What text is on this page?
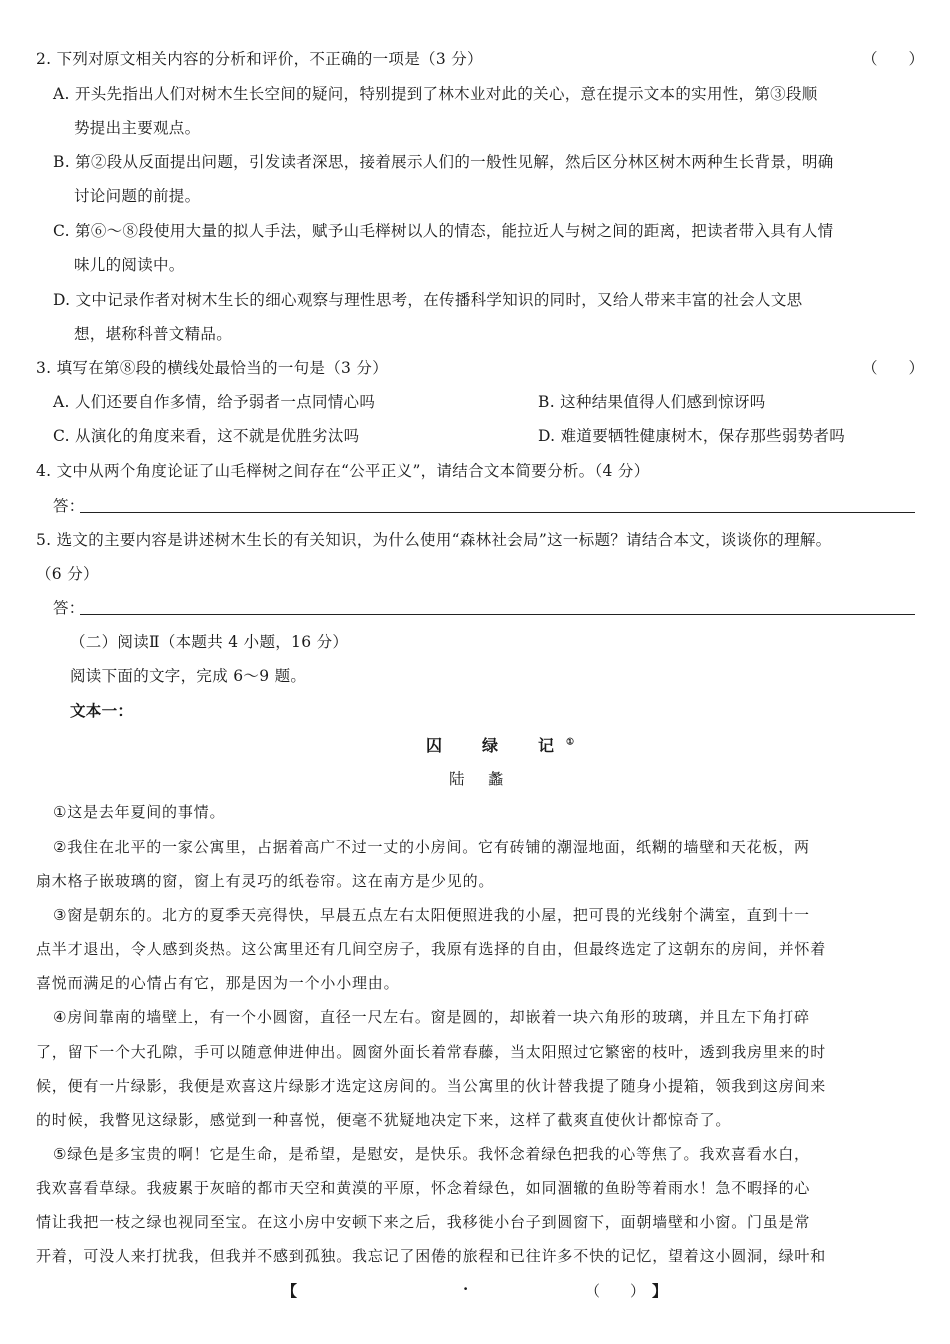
2. 下列对原文相关内容的分析和评价，不正确的一项是（3 分）	（　　）
A. 开头先指出人们对树木生长空间的疑问，特别提到了林木业对此的关心，意在提示文本的实用性，第③段顺
势提出主要观点。
B. 第②段从反面提出问题，引发读者深思，接着展示人们的一般性见解，然后区分林区树木两种生长背景，明确
讨论问题的前提。
C. 第⑥～⑧段使用大量的拟人手法，赋予山毛榉树以人的情态，能拉近人与树之间的距离，把读者带入具有人情
味儿的阅读中。
D. 文中记录作者对树木生长的细心观察与理性思考，在传播科学知识的同时，又给人带来丰富的社会人文思
想，堪称科普文精品。
3. 填写在第⑧段的横线处最恰当的一句是（3 分）	（　　）
A. 人们还要自作多情，给予弱者一点同情心吗	B. 这种结果值得人们感到惊讶吗
C. 从演化的角度来看，这不就是优胜劣汰吗	D. 难道要牺牲健康树木，保存那些弱势者吗
4. 文中从两个角度论证了山毛榉树之间存在“公平正义”，请结合文本简要分析。（4 分）
答：
5. 选文的主要内容是讲述树木生长的有关知识，为什么使用“森林社会局”这一标题？请结合本文，谈谈你的理解。
（6 分）
答：
（二）阅读Ⅱ（本题共 4 小题，16 分）
阅读下面的文字，完成 6～9 题。
文本一：
囚　绿　记①
陆　蠡
①这是去年夏间的事情。
②我住在北平的一家公寓里，占据着高广不过一丈的小房间。它有砖铺的潮湿地面，纸糊的墙壁和天花板，两
扇木格子嵌玻璃的窗，窗上有灵巧的纸卷帘。这在南方是少见的。
③窗是朝东的。北方的夏季天亮得快，早晨五点左右太阳便照进我的小屋，把可畏的光线射个满室，直到十一
点半才退出，令人感到炎热。这公寓里还有几间空房子，我原有选择的自由，但最终选定了这朝东的房间，并怀着
喜悦而满足的心情占有它，那是因为一个小小理由。
④房间靠南的墙壁上，有一个小圆窗，直径一尺左右。窗是圆的，却嵌着一块六角形的玻璃，并且左下角打碎
了，留下一个大孔隙，手可以随意伸进伸出。圆窗外面长着常春藤，当太阳照过它繁密的枝叶，透到我房里来的时
候，便有一片绿影，我便是欢喜这片绿影才选定这房间的。当公寓里的伙计替我提了随身小提箱，领我到这房间来
的时候，我瞥见这绿影，感觉到一种喜悦，便毫不犹疑地决定下来，这样了截爽直使伙计都惊奇了。
⑤绿色是多宝贵的啊！它是生命，是希望，是慰安，是快乐。我怀念着绿色把我的心等焦了。我欢喜看水白，
我欢喜看草绿。我疲累于灰暗的都市天空和黄漠的平原，怀念着绿色，如同涸辙的鱼盼等着雨水！急不暇择的心
情让我把一枝之绿也视同至宝。在这小房中安顿下来之后，我移徙小台子到圆窗下，面朝墙壁和小窗。门虽是常
开着，可没人来打扰我，但我并不感到孤独。我忘记了困倦的旅程和已往许多不快的记忆，望着这小圆洞，绿叶和
【	·	（　　） 】
